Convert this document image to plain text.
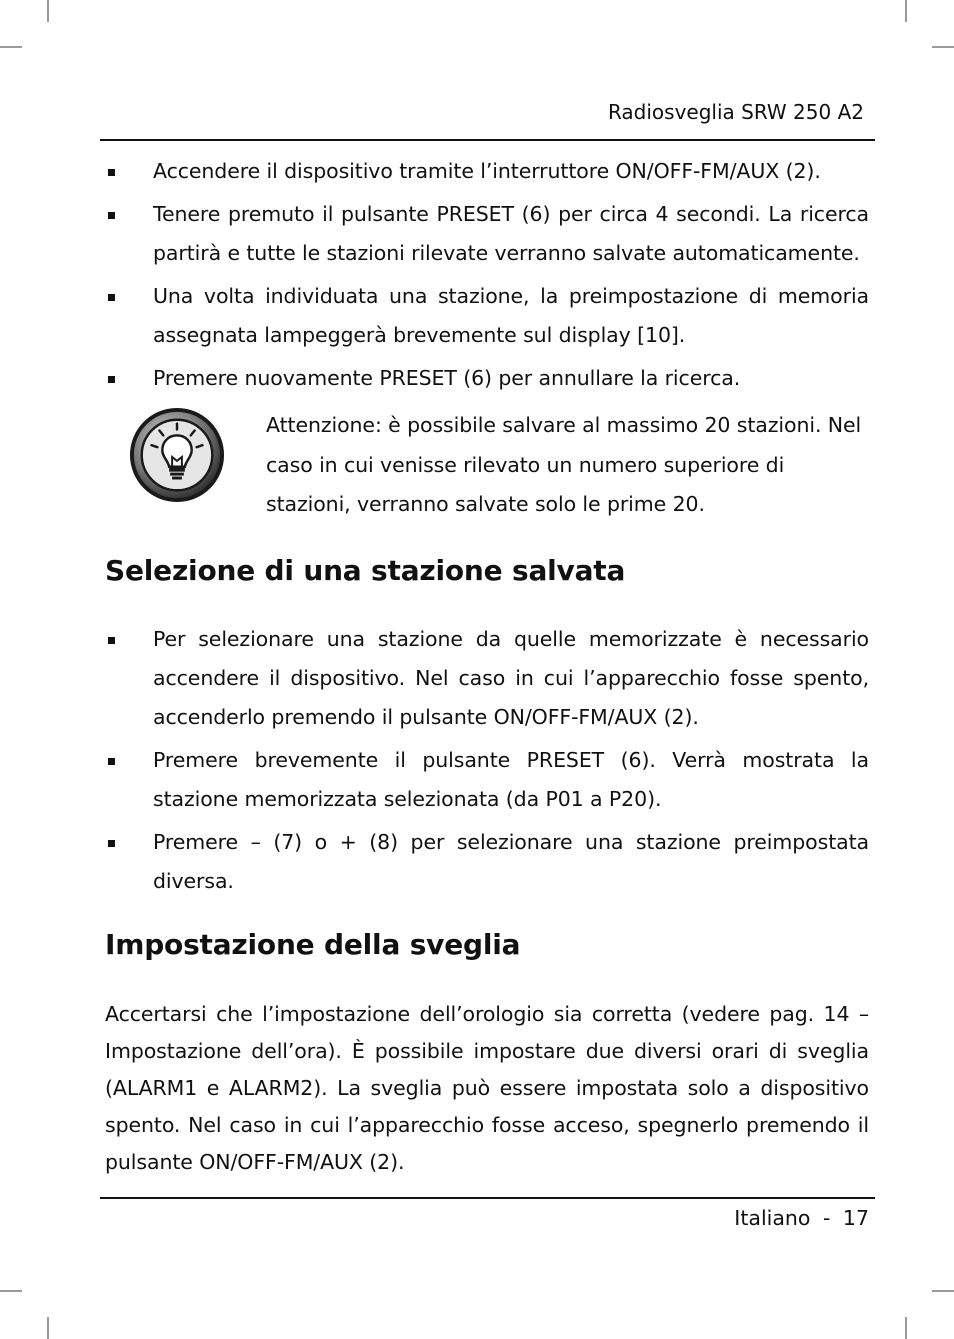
Radiosveglia SRW 250 A2
Accendere il dispositivo tramite l’interruttore ON/OFF-FM/AUX (2).
Tenere premuto il pulsante PRESET (6) per circa 4 secondi. La ricerca partirà e tutte le stazioni rilevate verranno salvate automaticamente.
Una volta individuata una stazione, la preimpostazione di memoria assegnata lampeggerà brevemente sul display [10].
Premere nuovamente PRESET (6) per annullare la ricerca.
Attenzione: è possibile salvare al massimo 20 stazioni. Nel caso in cui venisse rilevato un numero superiore di stazioni, verranno salvate solo le prime 20.
Selezione di una stazione salvata
Per selezionare una stazione da quelle memorizzate è necessario accendere il dispositivo. Nel caso in cui l’apparecchio fosse spento, accenderlo premendo il pulsante ON/OFF-FM/AUX (2).
Premere brevemente il pulsante PRESET (6). Verrà mostrata la stazione memorizzata selezionata (da P01 a P20).
Premere – (7) o + (8) per selezionare una stazione preimpostata diversa.
Impostazione della sveglia

Accertarsi che l’impostazione dell’orologio sia corretta (vedere pag. 14 – Impostazione dell’ora). È possibile impostare due diversi orari di sveglia (ALARM1 e ALARM2). La sveglia può essere impostata solo a dispositivo spento. Nel caso in cui l’apparecchio fosse acceso, spegnerlo premendo il pulsante ON/OFF-FM/AUX (2).

Italiano - 17
